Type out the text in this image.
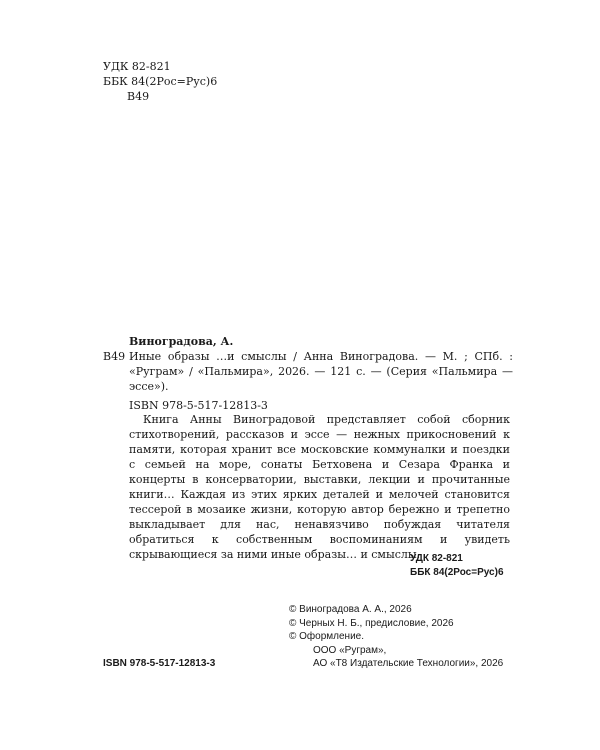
УДК 82-821
ББК 84(2Рос=Рус)6
В49
Виноградова, А.
В49 Иные образы …и смыслы / Анна Виноградова. — М. ; СПб. : «Руграм» / «Пальмира», 2026. — 121 с. — (Серия «Пальмира — эссе»).
ISBN 978-5-517-12813-3
Книга Анны Виноградовой представляет собой сборник стихотворений, рассказов и эссе — нежных прикосновений к памяти, которая хранит все московские коммуналки и поездки с семьей на море, сонаты Бетховена и Сезара Франка и концерты в консерватории, выставки, лекции и прочитанные книги… Каждая из этих ярких деталей и мелочей становится тессерой в мозаике жизни, которую автор бережно и трепетно выкладывает для нас, ненавязчиво побуждая читателя обратиться к собственным воспоминаниям и увидеть скрывающиеся за ними иные образы… и смыслы.
УДК 82-821
ББК 84(2Рос=Рус)6
© Виноградова А. А., 2026
© Черных Н. Б., предисловие, 2026
© Оформление.
ООО «Руграм»,
АО «Т8 Издательские Технологии», 2026
ISBN 978-5-517-12813-3
